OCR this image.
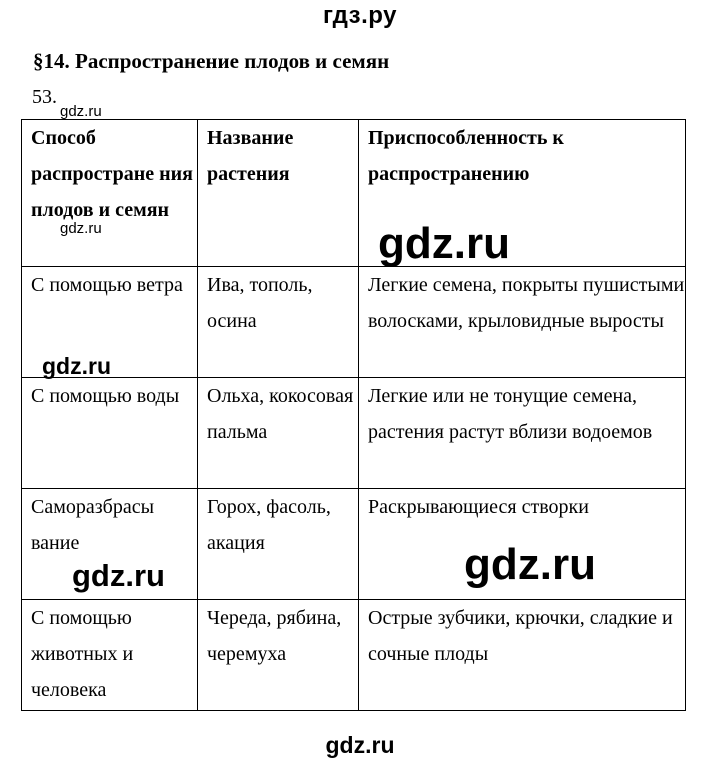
гдз.ру
§14. Распространение плодов и семян
53.
Способ распростране ния плодов и семян	Название растения	Приспособленность к распространению
С помощью ветра	Ива, тополь, осина	Легкие семена, покрыты пушистыми волосками, крыловидные выросты
С помощью воды	Ольха, кокосовая пальма	Легкие или не тонущие семена, растения растут вблизи водоемов
Саморазбрасы вание	Горох, фасоль, акация	Раскрывающиеся створки
С помощью животных и человека	Череда, рябина, черемуха	Острые зубчики, крючки, сладкие и сочные плоды
gdz.ru
gdz.ru	gdz.ru
gdz.ru
gdz.ru
gdz.ru
gdz.ru
